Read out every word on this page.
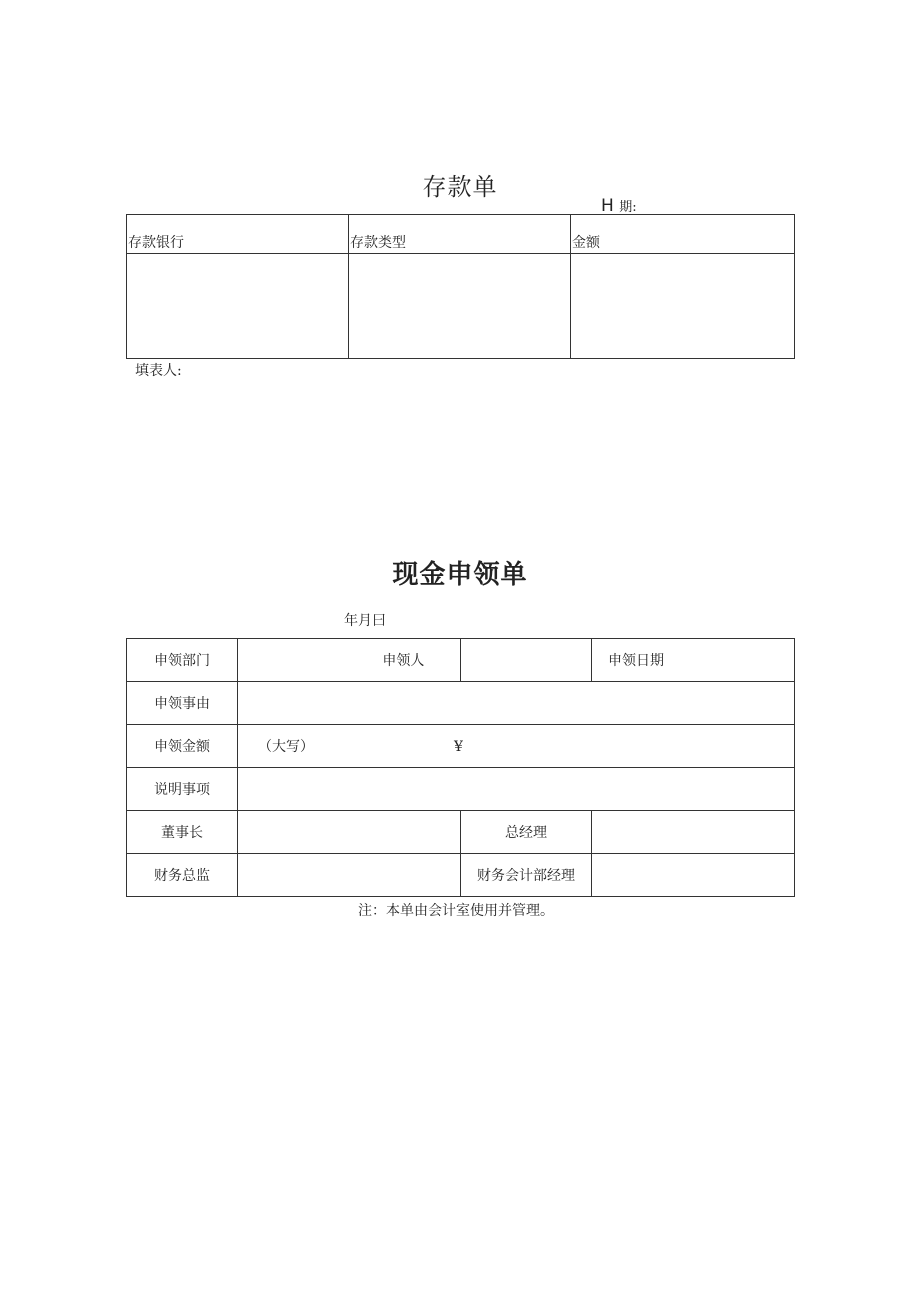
存款单
H 期:
存款银行	存款类型	金额

填表人:
现金申领单
年月曰
申领部门	申领人		申领日期
申领事由			
申领金额	（大写） ¥		
说明事项			
董事长		总经理	
财务总监		财务会计部经理	
注：本单由会计室使用并管理。
